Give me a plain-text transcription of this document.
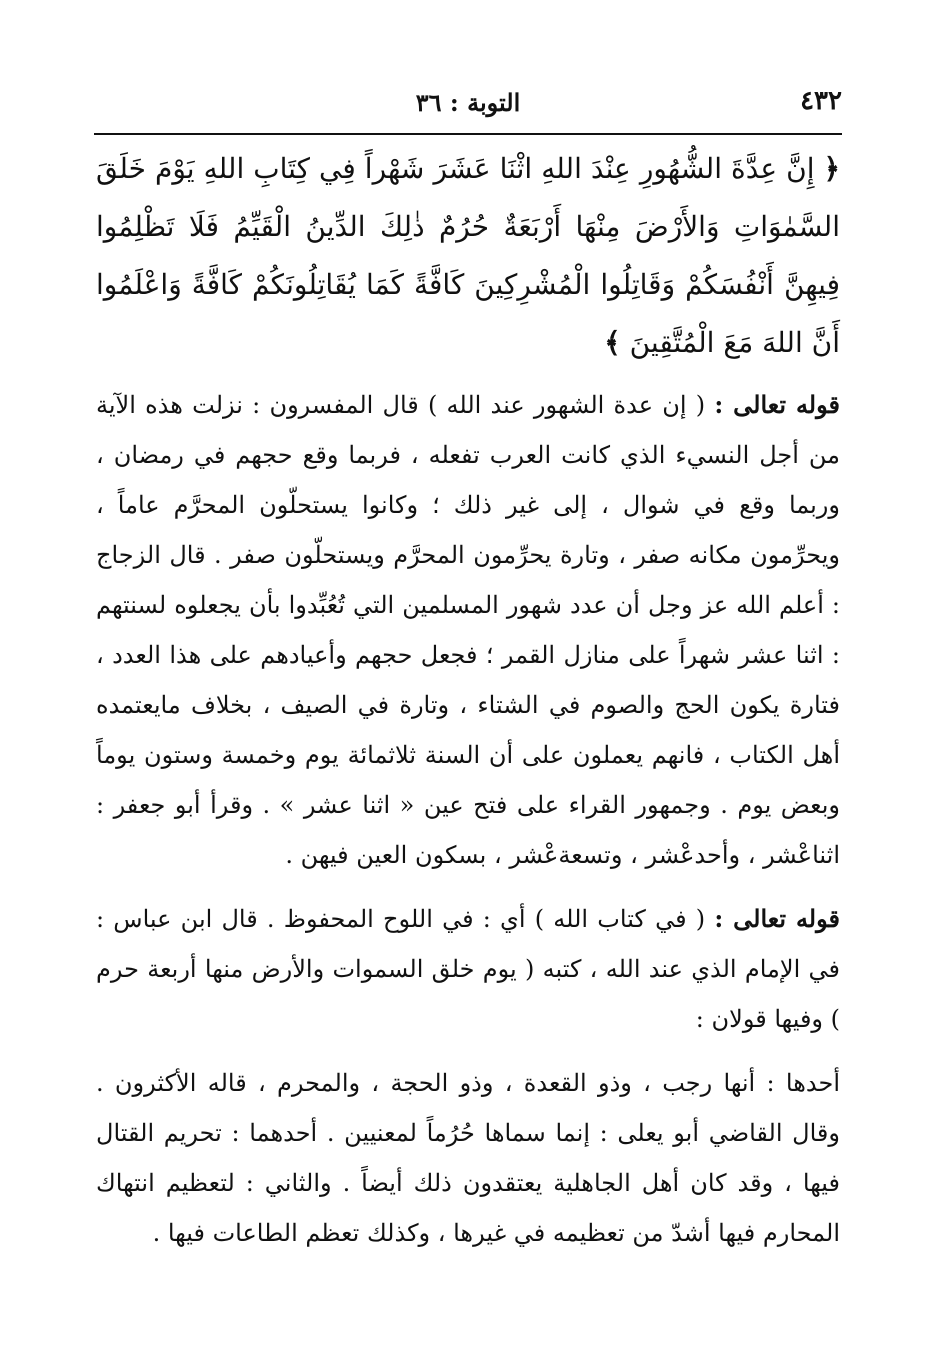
٤٣٢
التوبة : ٣٦

﴿ إِنَّ عِدَّةَ الشُّهُورِ عِنْدَ اللهِ اثْنَا عَشَرَ شَهْراً فِي كِتَابِ اللهِ يَوْمَ خَلَقَ السَّمٰوَاتِ وَالأَرْضَ مِنْهَا أَرْبَعَةٌ حُرُمٌ ذٰلِكَ الدِّينُ الْقَيِّمُ فَلَا تَظْلِمُوا فِيهِنَّ أَنْفُسَكُمْ وَقَاتِلُوا الْمُشْرِكِينَ كَافَّةً كَمَا يُقَاتِلُونَكُمْ كَافَّةً وَاعْلَمُوا أَنَّ اللهَ مَعَ الْمُتَّقِينَ ﴾

قوله تعالى : ( إن عدة الشهور عند الله ) قال المفسرون : نزلت هذه الآية من أجل النسيء الذي كانت العرب تفعله ، فربما وقع حجهم في رمضان ، وربما وقع في شوال ، إلى غير ذلك ؛ وكانوا يستحلّون المحرَّم عاماً ، ويحرِّمون مكانه صفر ، وتارة يحرِّمون المحرَّم ويستحلّون صفر . قال الزجاج : أعلم الله عز وجل أن عدد شهور المسلمين التي تُعُبِّدوا بأن يجعلوه لسنتهم : اثنا عشر شهراً على منازل القمر ؛ فجعل حجهم وأعيادهم على هذا العدد ، فتارة يكون الحج والصوم في الشتاء ، وتارة في الصيف ، بخلاف مايعتمده أهل الكتاب ، فانهم يعملون على أن السنة ثلاثمائة يوم وخمسة وستون يوماً وبعض يوم . وجمهور القراء على فتح عين « اثنا عشر » . وقرأ أبو جعفر : اثناعْشر ، وأحدعْشر ، وتسعةعْشر ، بسكون العين فيهن .

قوله تعالى : ( في كتاب الله ) أي : في اللوح المحفوظ . قال ابن عباس : في الإمام الذي عند الله ، كتبه ( يوم خلق السموات والأرض منها أربعة حرم ) وفيها قولان :

أحدها : أنها رجب ، وذو القعدة ، وذو الحجة ، والمحرم ، قاله الأكثرون . وقال القاضي أبو يعلى : إنما سماها حُرُماً لمعنيين . أحدهما : تحريم القتال فيها ، وقد كان أهل الجاهلية يعتقدون ذلك أيضاً . والثاني : لتعظيم انتهاك المحارم فيها أشدّ من تعظيمه في غيرها ، وكذلك تعظم الطاعات فيها .
